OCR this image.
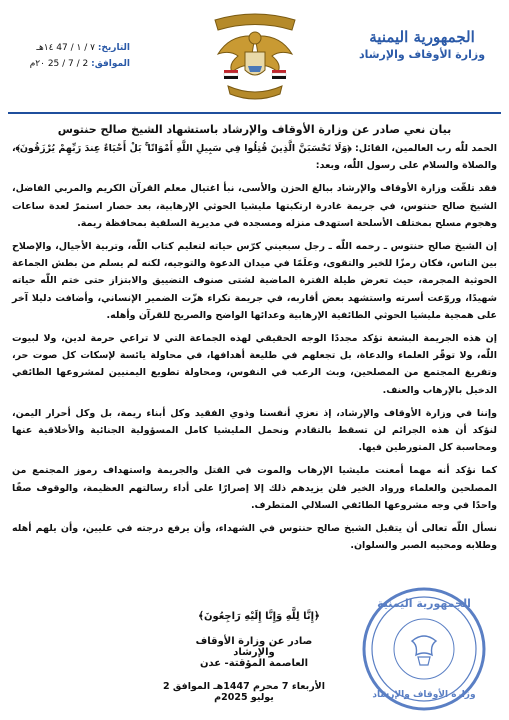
الجمهورية اليمنية
وزارة الأوقاف والإرشاد
التاريخ: ٧ / ١ / 47 ١٤هـ
الموافق: 2 / 7 / 25 ٢٠م
بيان نعي صادر عن وزارة الأوقاف والإرشاد باستشهاد الشيخ صالح حنتوس

الحمد للّٰه رب العالمين، القائل: ﴿وَلَا تَحْسَبَنَّ الَّذِينَ قُتِلُوا فِي سَبِيلِ اللَّهِ أَمْوَاتًا ۚ بَلْ أَحْيَاءٌ عِندَ رَبِّهِمْ يُرْزَقُونَ﴾، والصلاة والسلام على رسول اللّٰه، وبعد:

فقد تلقّت وزارة الأوقاف والإرشاد ببالغ الحزن والأسى، نبأ اغتيال معلم القرآن الكريم والمربي الفاضل، الشيخ صالح حنتوس، في جريمة غادرة ارتكبتها مليشيا الحوثي الإرهابية، بعد حصار استمرّ لعدة ساعات وهجوم مسلح بمختلف الأسلحة استهدف منزله ومسجده في مديرية السلفية بمحافظة ريمة.

إن الشيخ صالح حنتوس ـ رحمه اللّٰه ـ رجل سبعيني كرّس حياته لتعليم كتاب اللّٰه، وتربية الأجيال، والإصلاح بين الناس، فكان رمزًا للخير والتقوى، وعلَمًا في ميدان الدعوة والتوجيه، لكنه لم يسلم من بطش الجماعة الحوثية المجرمة، حيث تعرض طيلة الفترة الماضية لشتى صنوف التضييق والابتزاز حتى ختم اللّٰه حياته شهيدًا، وروّعت أسرته واستشهد بعض أقاربه، في جريمة نكراء هزّت الضمير الإنساني، وأضافت دليلا آخر على همجية مليشيا الحوثي الطائفية الإرهابية وعدائها الواضح والصريح للقرآن وأهله.

إن هذه الجريمة البشعة تؤكد مجددًا الوجه الحقيقي لهذه الجماعة التي لا تراعي حرمة لدين، ولا لبيوت اللّٰه، ولا توقّر العلماء والدعاة، بل تجعلهم في طليعة أهدافها، في محاولة يائسة لإسكات كل صوت حر، وتفريغ المجتمع من المصلحين، وبث الرعب في النفوس، ومحاولة تطويع اليمنيين لمشروعها الطائفي الدخيل بالإرهاب والعنف.

وإننا في وزارة الأوقاف والإرشاد، إذ نعزي أنفسنا وذوي الفقيد وكل أبناء ريمة، بل وكل أحرار اليمن، لنؤكد أن هذه الجرائم لن تسقط بالتقادم ونحمل المليشيا كامل المسؤولية الجنائية والأخلاقية عنها ومحاسبة كل المتورطين فيها.

كما نؤكد أنه مهما أمعنت مليشيا الإرهاب والموت في القتل والجريمة واستهداف رموز المجتمع من المصلحين والعلماء ورواد الخير فلن يزيدهم ذلك إلا إصرارًا على أداء رسالتهم العظيمة، والوقوف صفًا واحدًا في وجه مشروعها الطائفي السلالي المتطرف.

نسأل اللّٰه تعالى أن يتقبل الشيخ صالح حنتوس في الشهداء، وأن يرفع درجته في عليين، وأن يلهم أهله وطلابه ومحبيه الصبر والسلوان.

﴿إِنَّا لِلَّهِ وَإِنَّا إِلَيْهِ رَاجِعُونَ﴾
صادر عن وزارة الأوقاف والإرشاد
العاصمة المؤقتة- عدن
الأربعاء 7 محرم 1447هـ الموافق 2 يوليو 2025م
الجمهورية اليمنية
وزارة الأوقاف والإرشاد
